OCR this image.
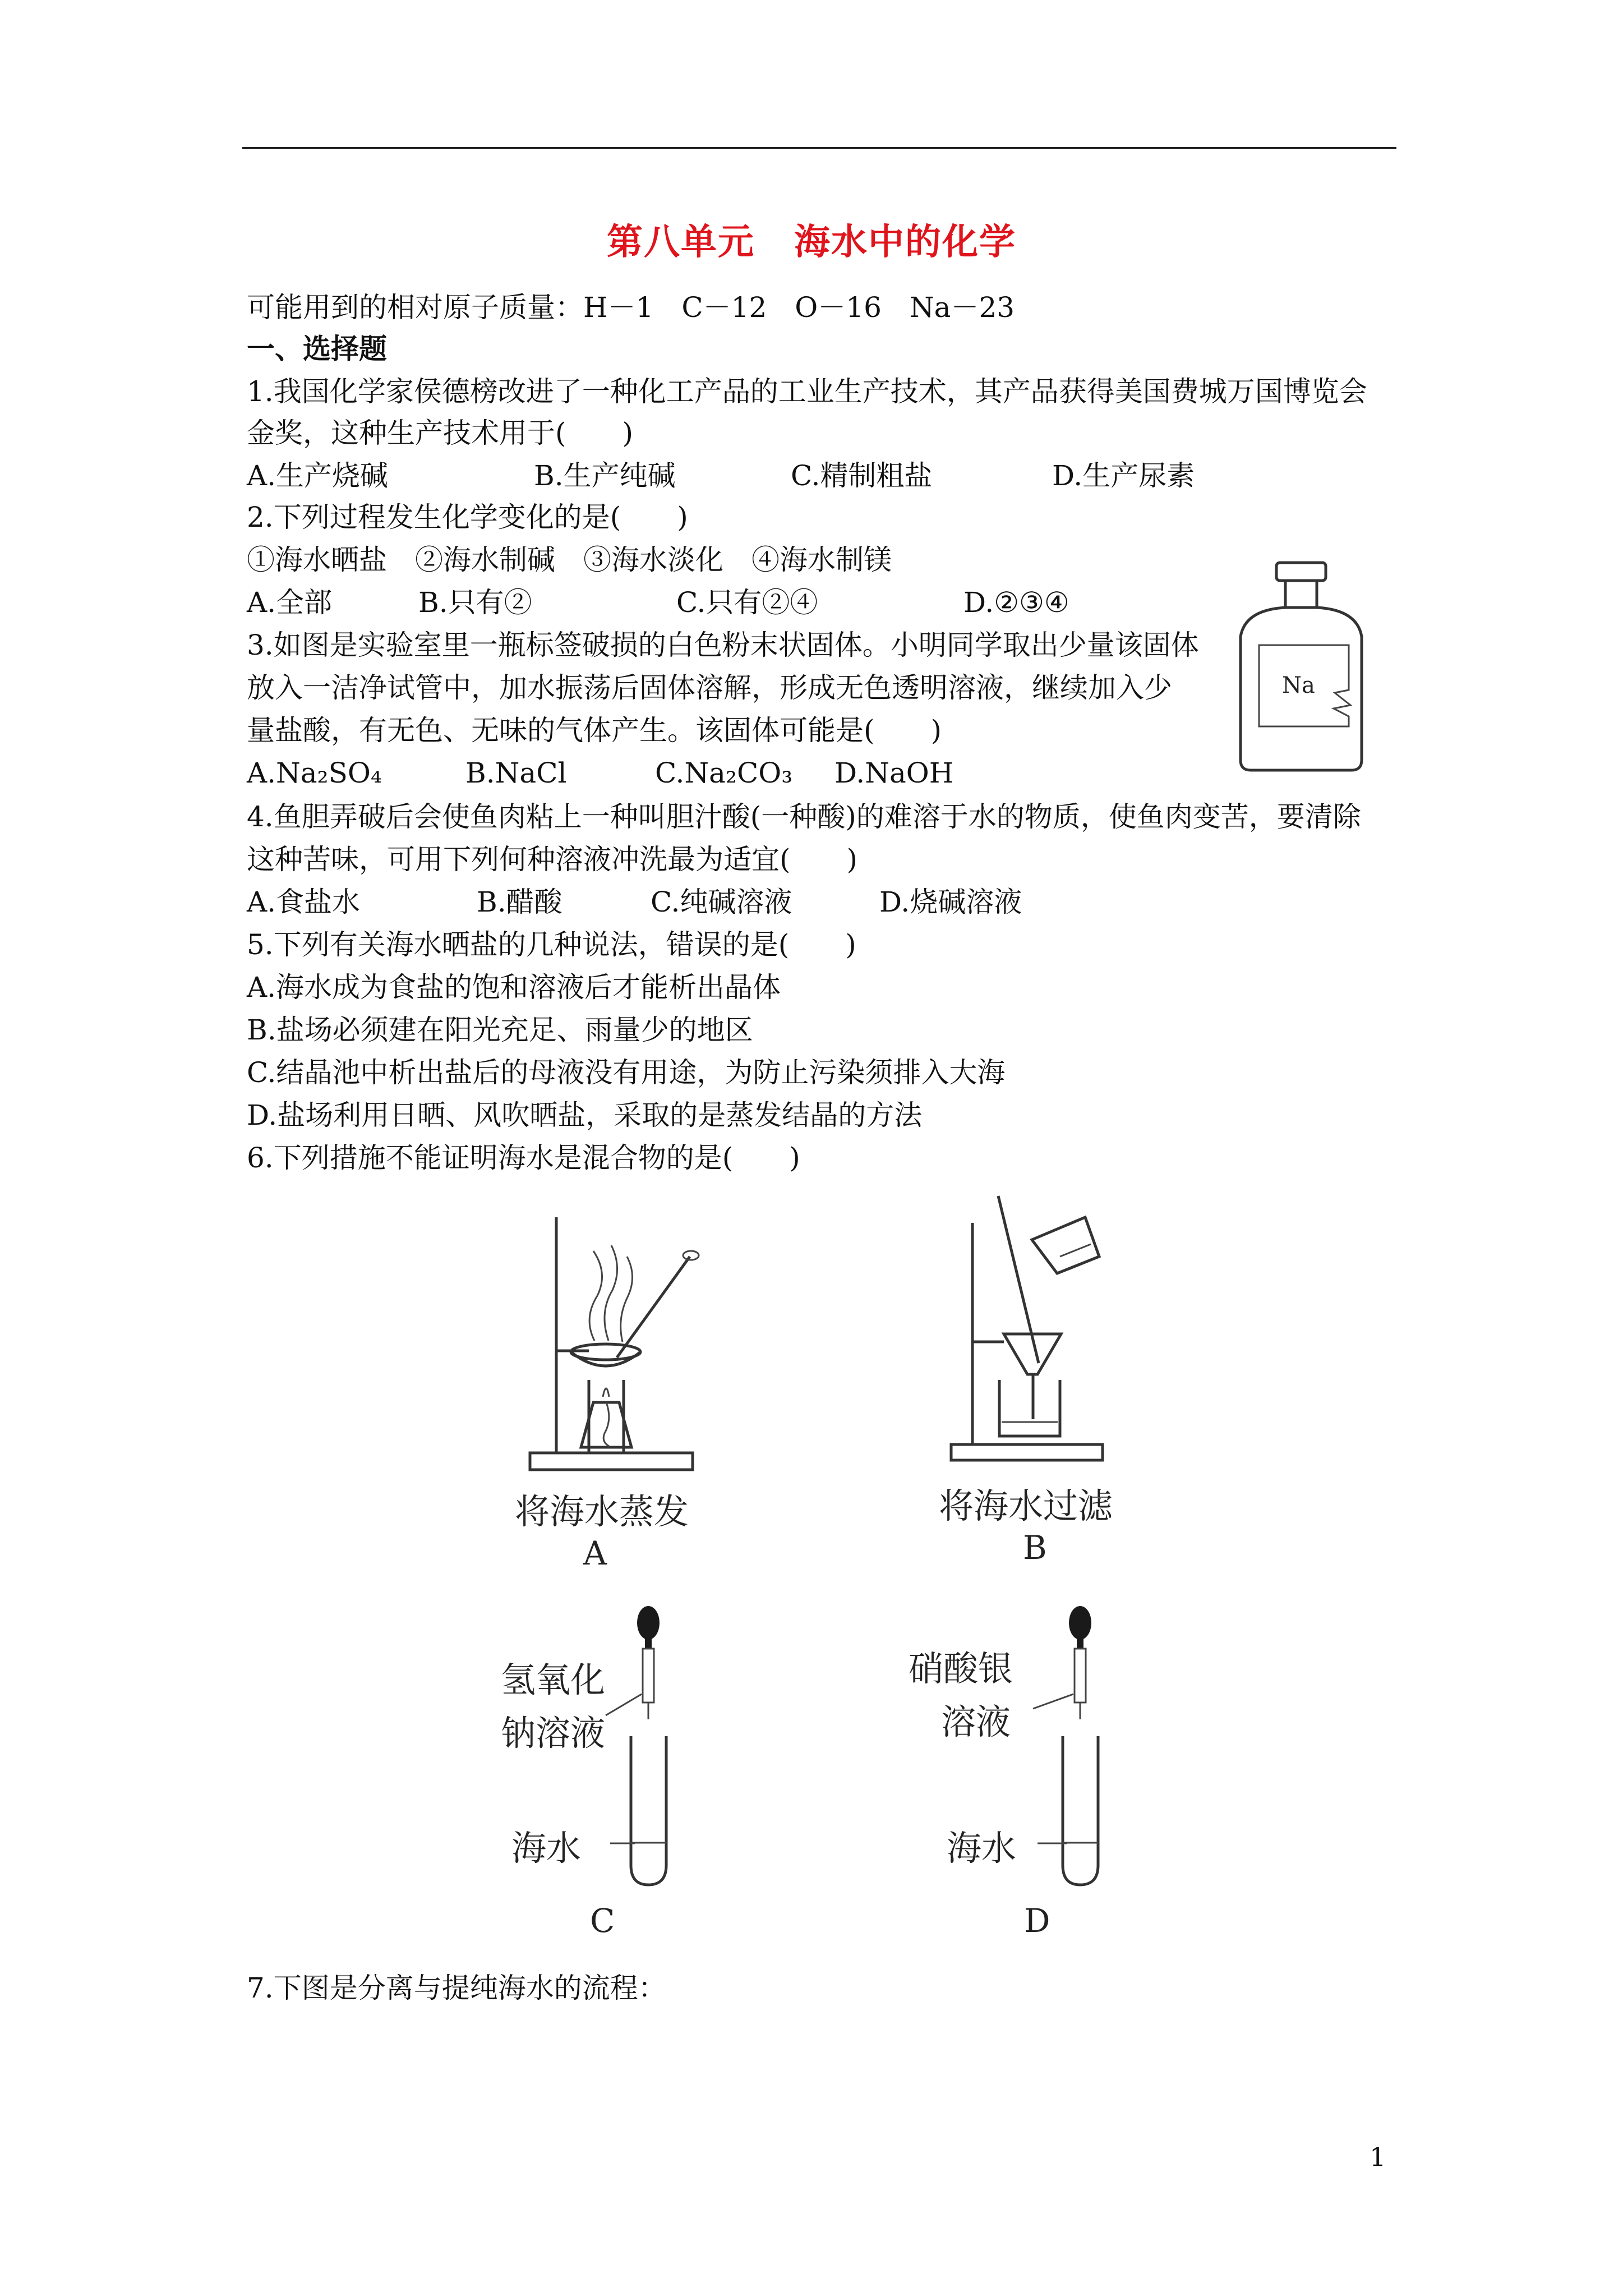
第八单元 海水中的化学
可能用到的相对原子质量：H－1　C－12　O－16　Na－23
一、选择题
1.我国化学家侯德榜改进了一种化工产品的工业生产技术，其产品获得美国费城万国博览会
金奖，这种生产技术用于(　　)
A.生产烧碱	B.生产纯碱	C.精制粗盐	D.生产尿素
2.下列过程发生化学变化的是(　　)
①海水晒盐　②海水制碱　③海水淡化　④海水制镁
A.全部	B.只有②	C.只有②④	D.②③④
Na
3.如图是实验室里一瓶标签破损的白色粉末状固体。小明同学取出少量该固体
放入一洁净试管中，加水振荡后固体溶解，形成无色透明溶液，继续加入少
量盐酸，有无色、无味的气体产生。该固体可能是(　　)
A.Na₂SO₄	B.NaCl	C.Na₂CO₃ D.NaOH
4.鱼胆弄破后会使鱼肉粘上一种叫胆汁酸(一种酸)的难溶于水的物质，使鱼肉变苦，要清除
这种苦味，可用下列何种溶液冲洗最为适宜(　　)
A.食盐水	B.醋酸	C.纯碱溶液	D.烧碱溶液
5.下列有关海水晒盐的几种说法，错误的是(　　)
A.海水成为食盐的饱和溶液后才能析出晶体
B.盐场必须建在阳光充足、雨量少的地区
C.结晶池中析出盐后的母液没有用途，为防止污染须排入大海
D.盐场利用日晒、风吹晒盐，采取的是蒸发结晶的方法
6.下列措施不能证明海水是混合物的是(　　)
将海水蒸发
A
将海水过滤
B
氢氧化
钠溶液
海水
C
硝酸银
溶液
海水
D
7.下图是分离与提纯海水的流程：
1
